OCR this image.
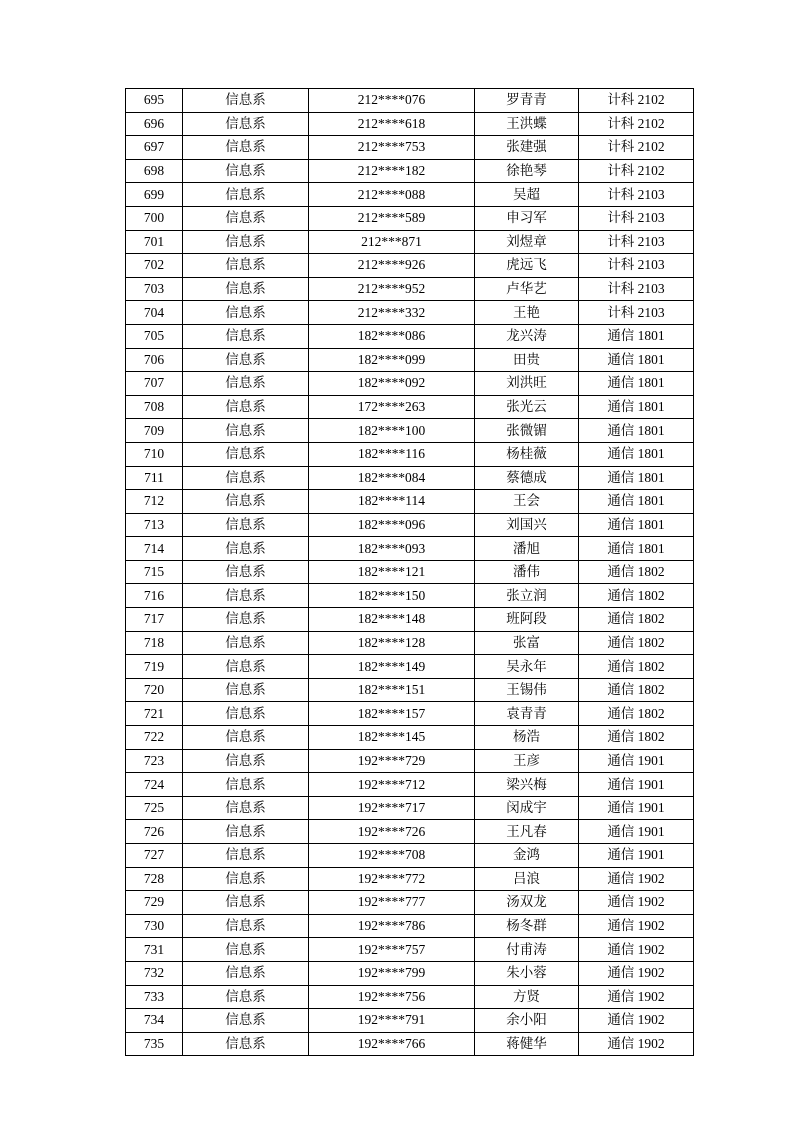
695	信息系	212****076	罗青青	计科 2102
696	信息系	212****618	王洪蝶	计科 2102
697	信息系	212****753	张建强	计科 2102
698	信息系	212****182	徐艳琴	计科 2102
699	信息系	212****088	吴超	计科 2103
700	信息系	212****589	申习军	计科 2103
701	信息系	212***871	刘煜章	计科 2103
702	信息系	212****926	虎远飞	计科 2103
703	信息系	212****952	卢华艺	计科 2103
704	信息系	212****332	王艳	计科 2103
705	信息系	182****086	龙兴涛	通信 1801
706	信息系	182****099	田贵	通信 1801
707	信息系	182****092	刘洪旺	通信 1801
708	信息系	172****263	张光云	通信 1801
709	信息系	182****100	张微镅	通信 1801
710	信息系	182****116	杨桂薇	通信 1801
711	信息系	182****084	蔡德成	通信 1801
712	信息系	182****114	王会	通信 1801
713	信息系	182****096	刘国兴	通信 1801
714	信息系	182****093	潘旭	通信 1801
715	信息系	182****121	潘伟	通信 1802
716	信息系	182****150	张立润	通信 1802
717	信息系	182****148	班阿段	通信 1802
718	信息系	182****128	张富	通信 1802
719	信息系	182****149	吴永年	通信 1802
720	信息系	182****151	王锡伟	通信 1802
721	信息系	182****157	袁青青	通信 1802
722	信息系	182****145	杨浩	通信 1802
723	信息系	192****729	王彦	通信 1901
724	信息系	192****712	梁兴梅	通信 1901
725	信息系	192****717	闵成宇	通信 1901
726	信息系	192****726	王凡春	通信 1901
727	信息系	192****708	金鸿	通信 1901
728	信息系	192****772	吕浪	通信 1902
729	信息系	192****777	汤双龙	通信 1902
730	信息系	192****786	杨冬群	通信 1902
731	信息系	192****757	付甫涛	通信 1902
732	信息系	192****799	朱小蓉	通信 1902
733	信息系	192****756	方贤	通信 1902
734	信息系	192****791	余小阳	通信 1902
735	信息系	192****766	蒋健华	通信 1902
